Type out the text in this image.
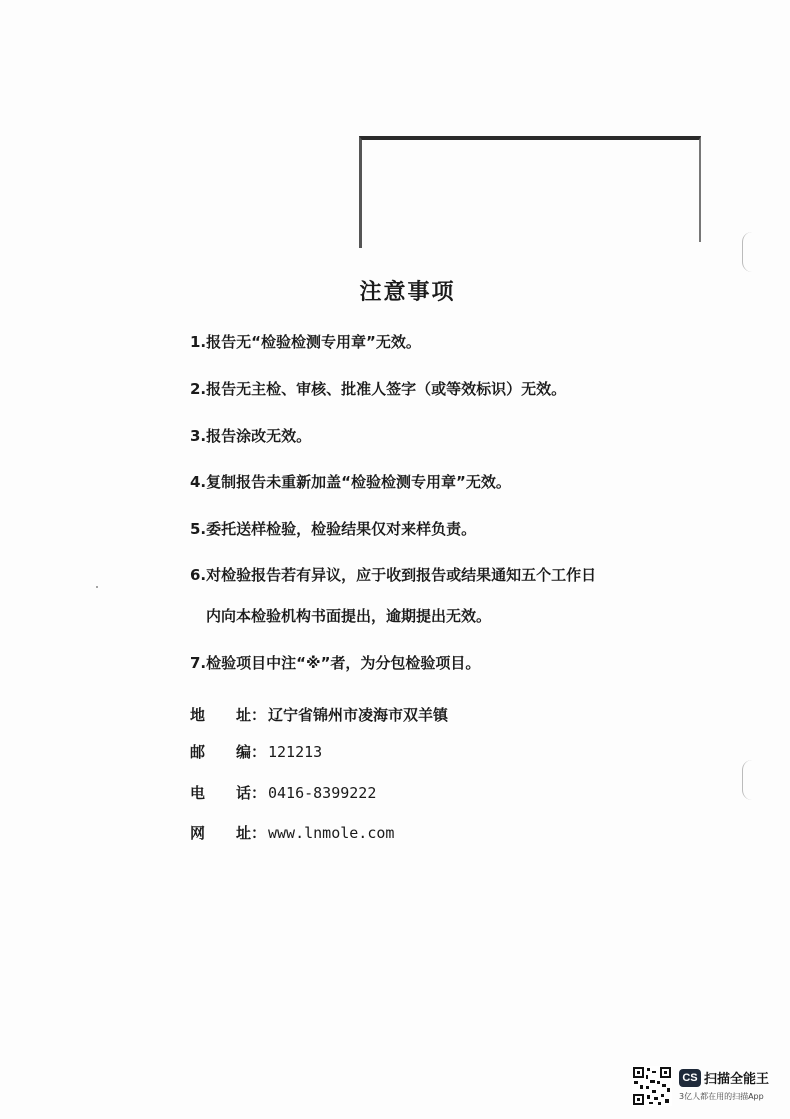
注意事项
1.报告无“检验检测专用章”无效。
2.报告无主检、审核、批准人签字（或等效标识）无效。
3.报告涂改无效。
4.复制报告未重新加盖“检验检测专用章”无效。
5.委托送样检验，检验结果仅对来样负责。
6.对检验报告若有异议，应于收到报告或结果通知五个工作日
内向本检验机构书面提出，逾期提出无效。
7.检验项目中注“※”者，为分包检验项目。
地 址： 辽宁省锦州市凌海市双羊镇
邮 编： 121213
电 话： 0416-8399222
网 址： www.lnmole.com
CS 扫描全能王
3亿人都在用的扫描App
